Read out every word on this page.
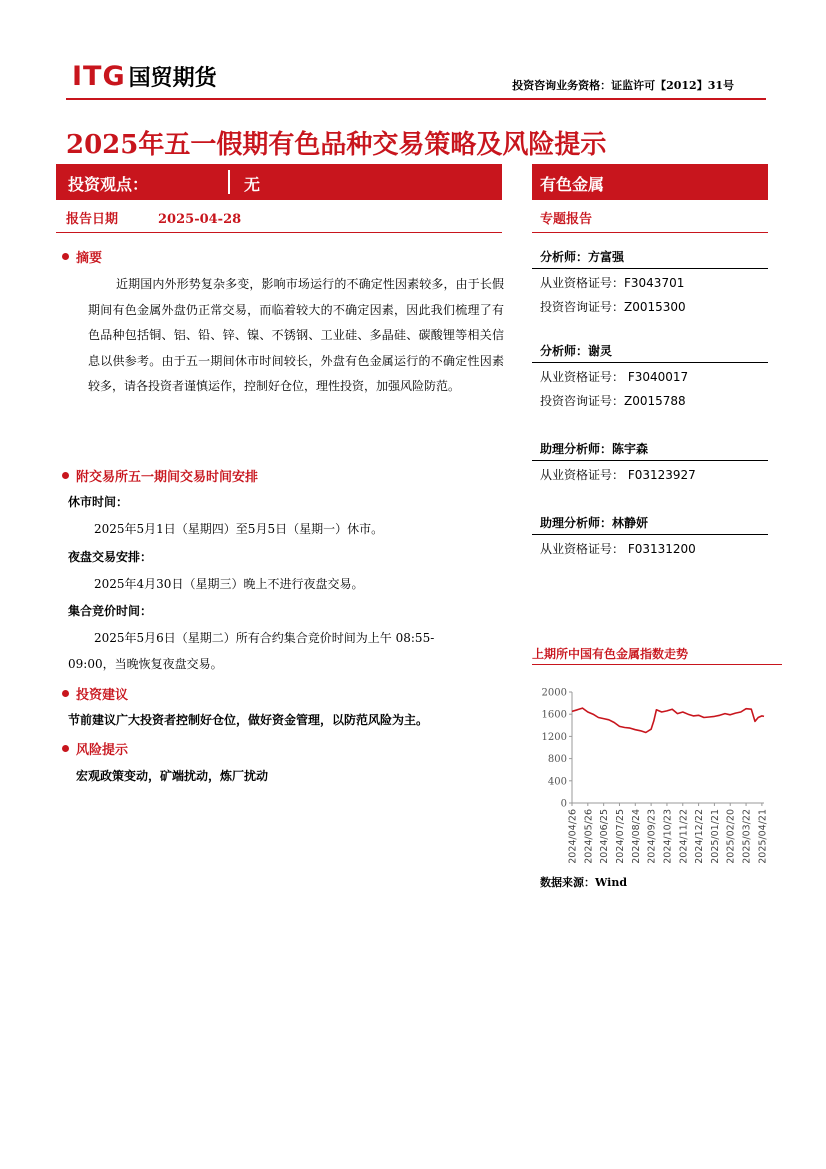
ITG 国贸期货	投资咨询业务资格：证监许可【2012】31号
2025年五一假期有色品种交易策略及风险提示
投资观点：	无	有色金属
报告日期	2025-04-28	专题报告
摘要
近期国内外形势复杂多变，影响市场运行的不确定性因素较多，由于长假期间有色金属外盘仍正常交易，而临着较大的不确定因素，因此我们梳理了有色品种包括铜、铝、铅、锌、镍、不锈钢、工业硅、多晶硅、碳酸锂等相关信息以供参考。由于五一期间休市时间较长，外盘有色金属运行的不确定性因素较多，请各投资者谨慎运作，控制好仓位，理性投资，加强风险防范。
附交易所五一期间交易时间安排
休市时间：
2025年5月1日（星期四）至5月5日（星期一）休市。
夜盘交易安排：
2025年4月30日（星期三）晚上不进行夜盘交易。
集合竞价时间：
2025年5月6日（星期二）所有合约集合竞价时间为上午 08:55-
09:00，当晚恢复夜盘交易。
投资建议
节前建议广大投资者控制好仓位，做好资金管理，以防范风险为主。
风险提示
宏观政策变动，矿端扰动，炼厂扰动
分析师：方富强
从业资格证号：F3043701
投资咨询证号：Z0015300
分析师：谢灵
从业资格证号： F3040017
投资咨询证号：Z0015788
助理分析师：陈宇森
从业资格证号： F03123927
助理分析师：林静妍
从业资格证号： F03131200
上期所中国有色金属指数走势
0
400
800
1200
1600
2000
2024/04/26 2024/05/26 2024/06/25 2024/07/25 2024/08/24 2024/09/23 2024/10/23 2024/11/22 2024/12/22 2025/01/21 2025/02/20 2025/03/22 2025/04/21
数据来源：Wind
